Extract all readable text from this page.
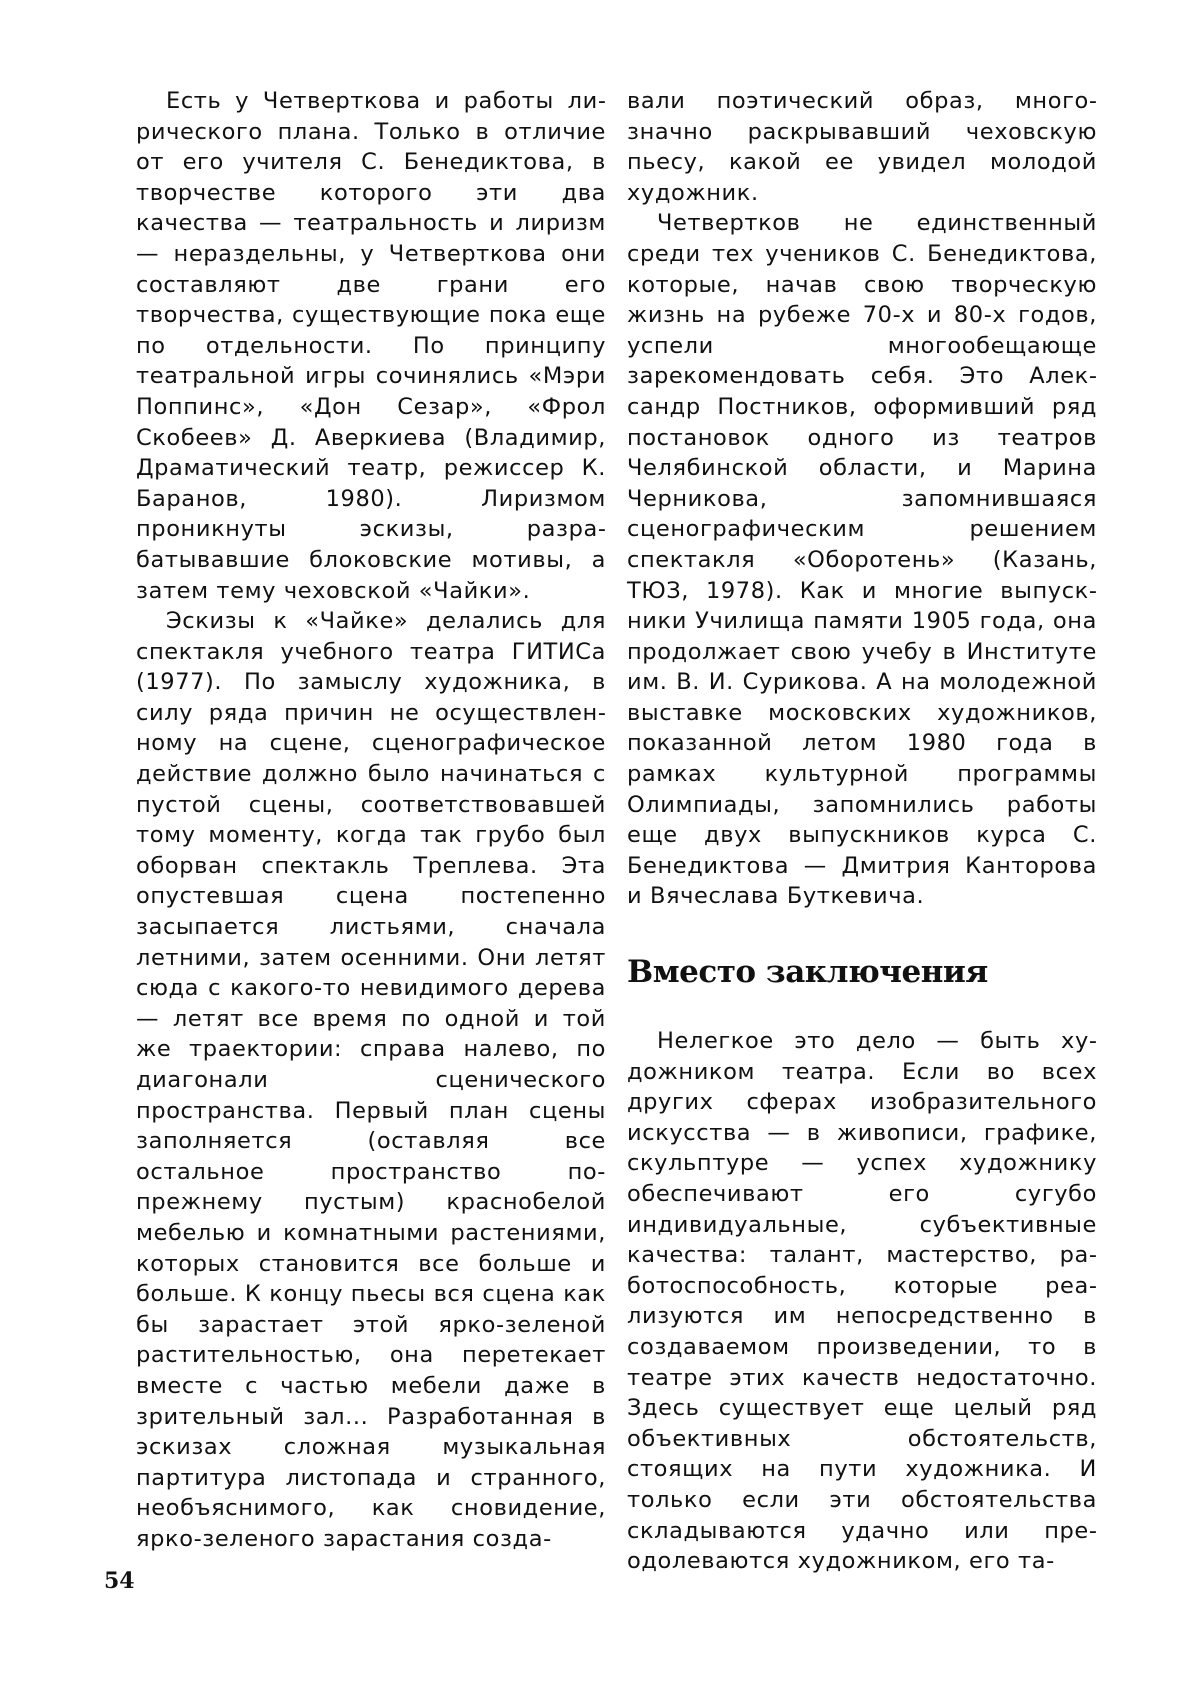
Есть у Четверткова и работы лирического плана. Только в отличие от его учителя С. Бенедиктова, в творчестве которого эти два качества — театральность и лиризм — нераздельны, у Четверткова они составляют две грани его творчества, существующие пока еще по отдельности. По принципу театральной игры сочинялись «Мэри Поппинс», «Дон Сезар», «Фрол Скобеев» Д. Аверкиева (Владимир, Драматический театр, режиссер К. Баранов, 1980). Лиризмом проникнуты эскизы, разрабатывавшие блоковские мотивы, а затем тему чеховской «Чайки».

Эскизы к «Чайке» делались для спектакля учебного театра ГИТИСа (1977). По замыслу художника, в силу ряда причин не осуществленному на сцене, сценографическое действие должно было начинаться с пустой сцены, соответствовавшей тому моменту, когда так грубо был оборван спектакль Треплева. Эта опустевшая сцена постепенно засыпается листьями, сначала летними, затем осенними. Они летят сюда с какого-то невидимого дерева — летят все время по одной и той же траектории: справа налево, по диагонали сценического пространства. Первый план сцены заполняется (оставляя все остальное пространство по-прежнему пустым) краснобелой мебелью и комнатными растениями, которых становится все больше и больше. К концу пьесы вся сцена как бы зарастает этой ярко-зеленой растительностью, она перетекает вместе с частью мебели даже в зрительный зал... Разработанная в эскизах сложная музыкальная партитура листопада и странного, необъяснимого, как сновидение, ярко-зеленого зарастания созда-

вали поэтический образ, многозначно раскрывавший чеховскую пьесу, какой ее увидел молодой художник.

Четвертков не единственный среди тех учеников С. Бенедиктова, которые, начав свою творческую жизнь на рубеже 70-х и 80-х годов, успели многообещающе зарекомендовать себя. Это Александр Постников, оформивший ряд постановок одного из театров Челябинской области, и Марина Черникова, запомнившаяся сценографическим решением спектакля «Оборотень» (Казань, ТЮЗ, 1978). Как и многие выпускники Училища памяти 1905 года, она продолжает свою учебу в Институте им. В. И. Сурикова. А на молодежной выставке московских художников, показанной летом 1980 года в рамках культурной программы Олимпиады, запомнились работы еще двух выпускников курса С. Бенедиктова — Дмитрия Канторова и Вячеслава Буткевича.

Вместо заключения

Нелегкое это дело — быть художником театра. Если во всех других сферах изобразительного искусства — в живописи, графике, скульптуре — успех художнику обеспечивают его сугубо индивидуальные, субъективные качества: талант, мастерство, работоспособность, которые реализуются им непосредственно в создаваемом произведении, то в театре этих качеств недостаточно. Здесь существует еще целый ряд объективных обстоятельств, стоящих на пути художника. И только если эти обстоятельства складываются удачно или преодолеваются художником, его та-

54
